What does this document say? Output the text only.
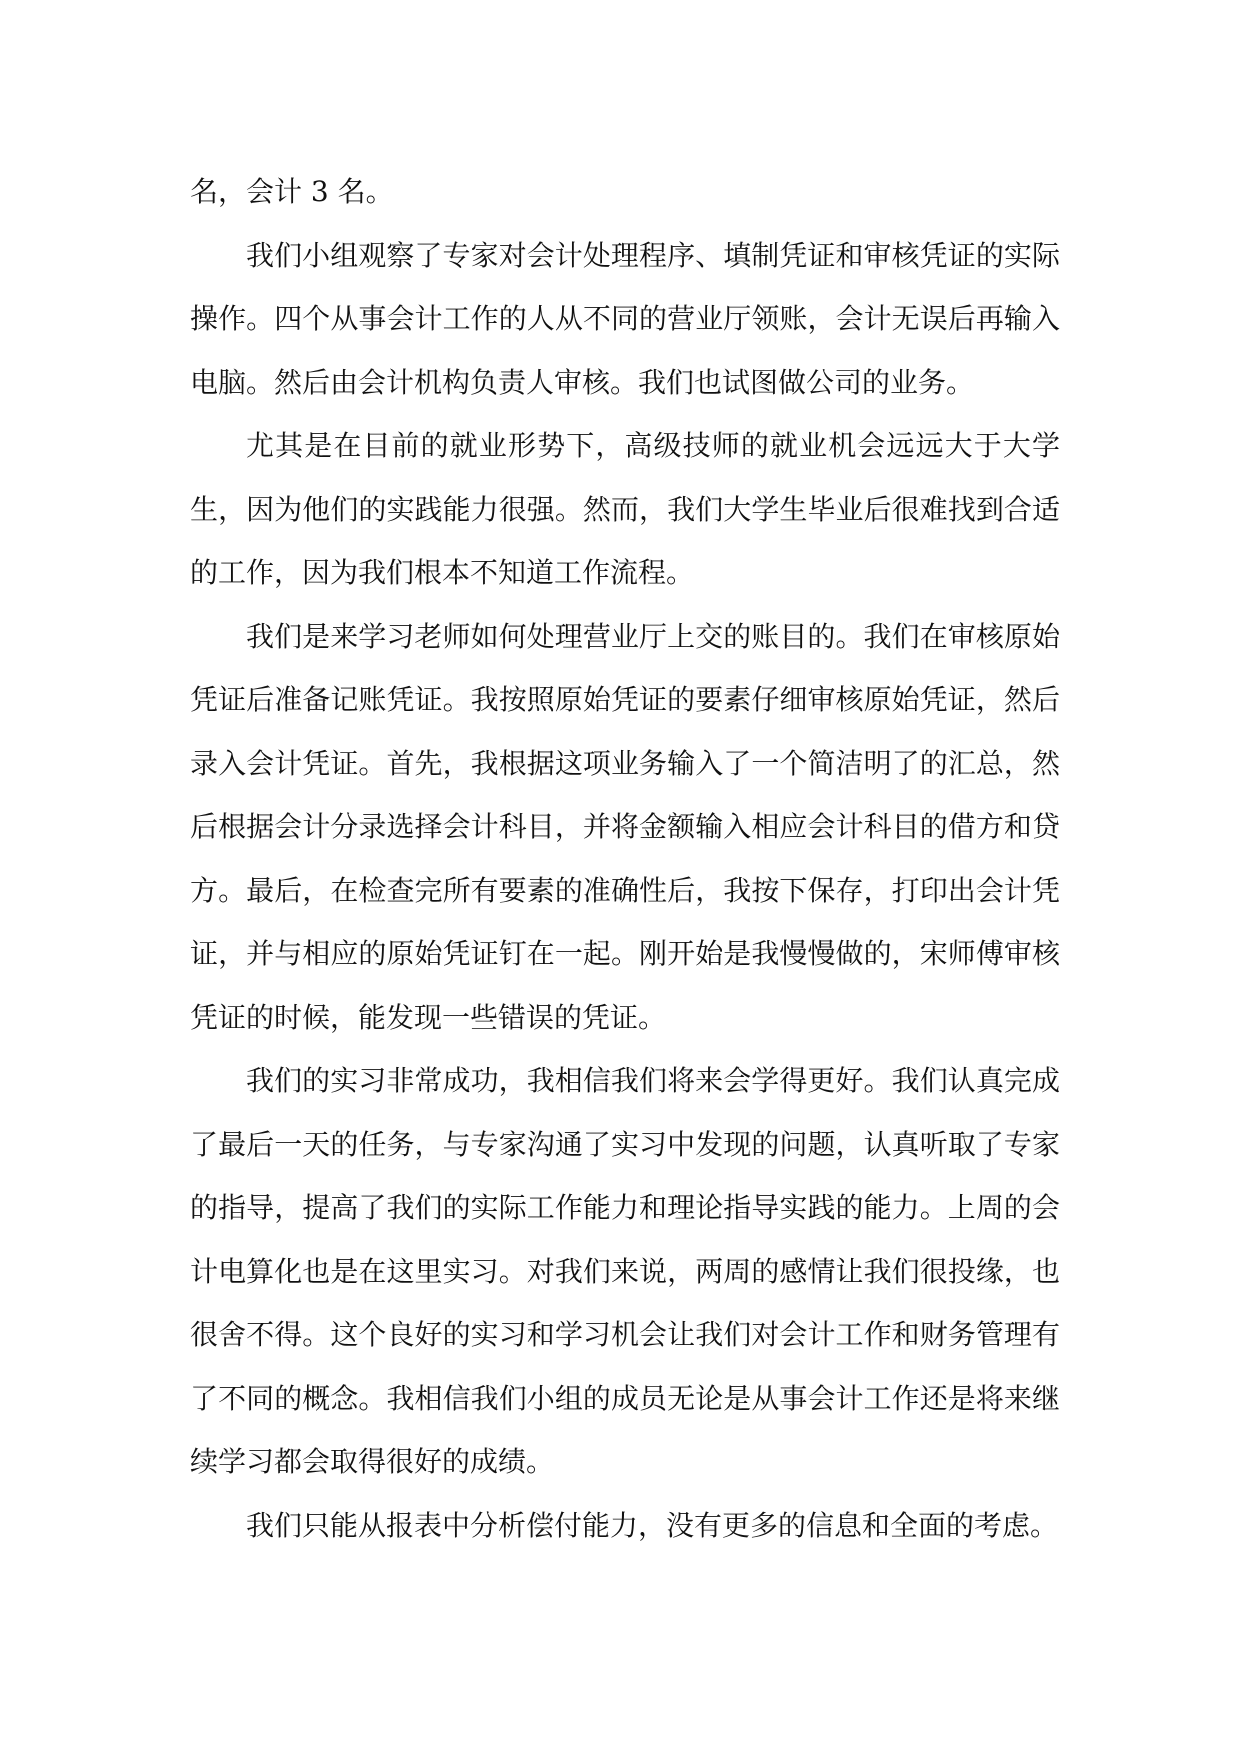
名，会计 3 名。

我们小组观察了专家对会计处理程序、填制凭证和审核凭证的实际操作。四个从事会计工作的人从不同的营业厅领账，会计无误后再输入电脑。然后由会计机构负责人审核。我们也试图做公司的业务。

尤其是在目前的就业形势下，高级技师的就业机会远远大于大学生，因为他们的实践能力很强。然而，我们大学生毕业后很难找到合适的工作，因为我们根本不知道工作流程。

我们是来学习老师如何处理营业厅上交的账目的。我们在审核原始凭证后准备记账凭证。我按照原始凭证的要素仔细审核原始凭证，然后录入会计凭证。首先，我根据这项业务输入了一个简洁明了的汇总，然后根据会计分录选择会计科目，并将金额输入相应会计科目的借方和贷方。最后，在检查完所有要素的准确性后，我按下保存，打印出会计凭证，并与相应的原始凭证钉在一起。刚开始是我慢慢做的，宋师傅审核凭证的时候，能发现一些错误的凭证。

我们的实习非常成功，我相信我们将来会学得更好。我们认真完成了最后一天的任务，与专家沟通了实习中发现的问题，认真听取了专家的指导，提高了我们的实际工作能力和理论指导实践的能力。上周的会计电算化也是在这里实习。对我们来说，两周的感情让我们很投缘，也很舍不得。这个良好的实习和学习机会让我们对会计工作和财务管理有了不同的概念。我相信我们小组的成员无论是从事会计工作还是将来继续学习都会取得很好的成绩。

我们只能从报表中分析偿付能力，没有更多的信息和全面的考虑。
